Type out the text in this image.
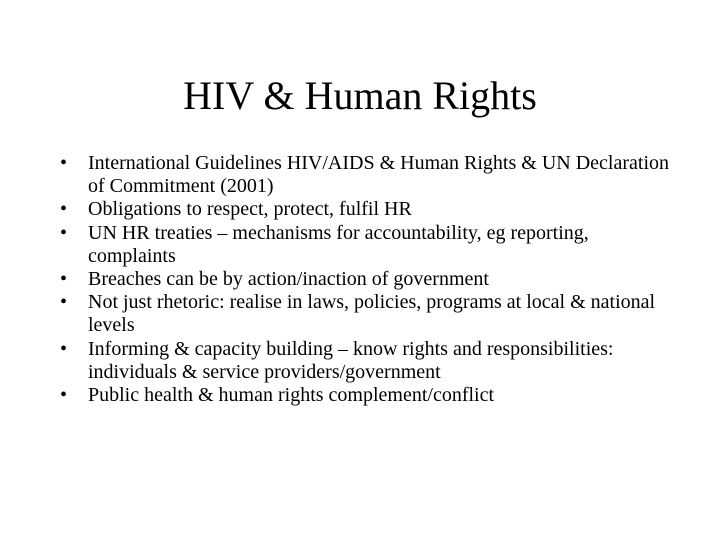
HIV & Human Rights
•	International Guidelines HIV/AIDS & Human Rights & UN Declaration of Commitment (2001)
•	Obligations to respect, protect, fulfil HR
•	UN HR treaties – mechanisms for accountability, eg reporting, complaints
•	Breaches can be by action/inaction of government
•	Not just rhetoric: realise in laws, policies, programs at local & national levels
•	Informing & capacity building – know rights and responsibilities: individuals & service providers/government
•	Public health & human rights complement/conflict
